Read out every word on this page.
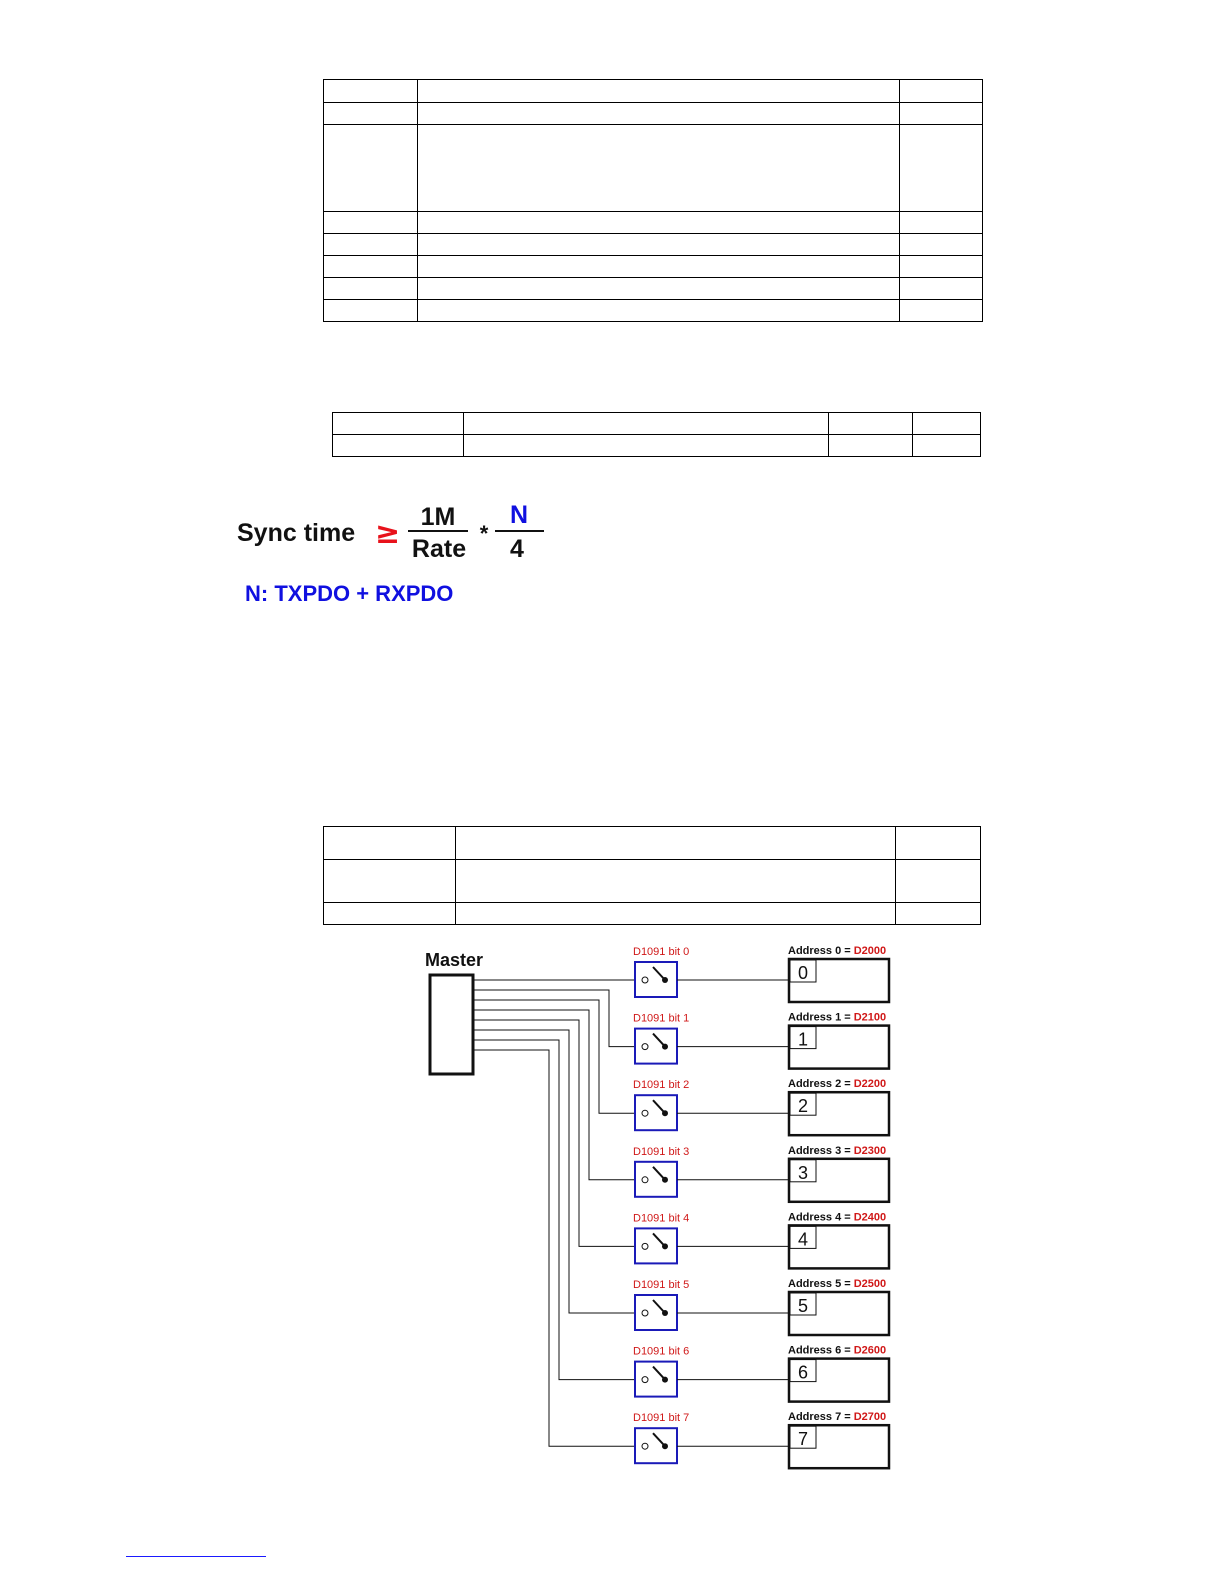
Sync time ≥ 1M
Rate
*
N
4
N: TXPDO + RXPDO

Master	D1091 bit 0	Address 0 = D2000
0
D1091 bit 1	Address 1 = D2100
1
D1091 bit 2	Address 2 = D2200
2
D1091 bit 3	Address 3 = D2300
3
D1091 bit 4	Address 4 = D2400
4
D1091 bit 5	Address 5 = D2500
5
D1091 bit 6	Address 6 = D2600
6
D1091 bit 7	Address 7 = D2700
7
